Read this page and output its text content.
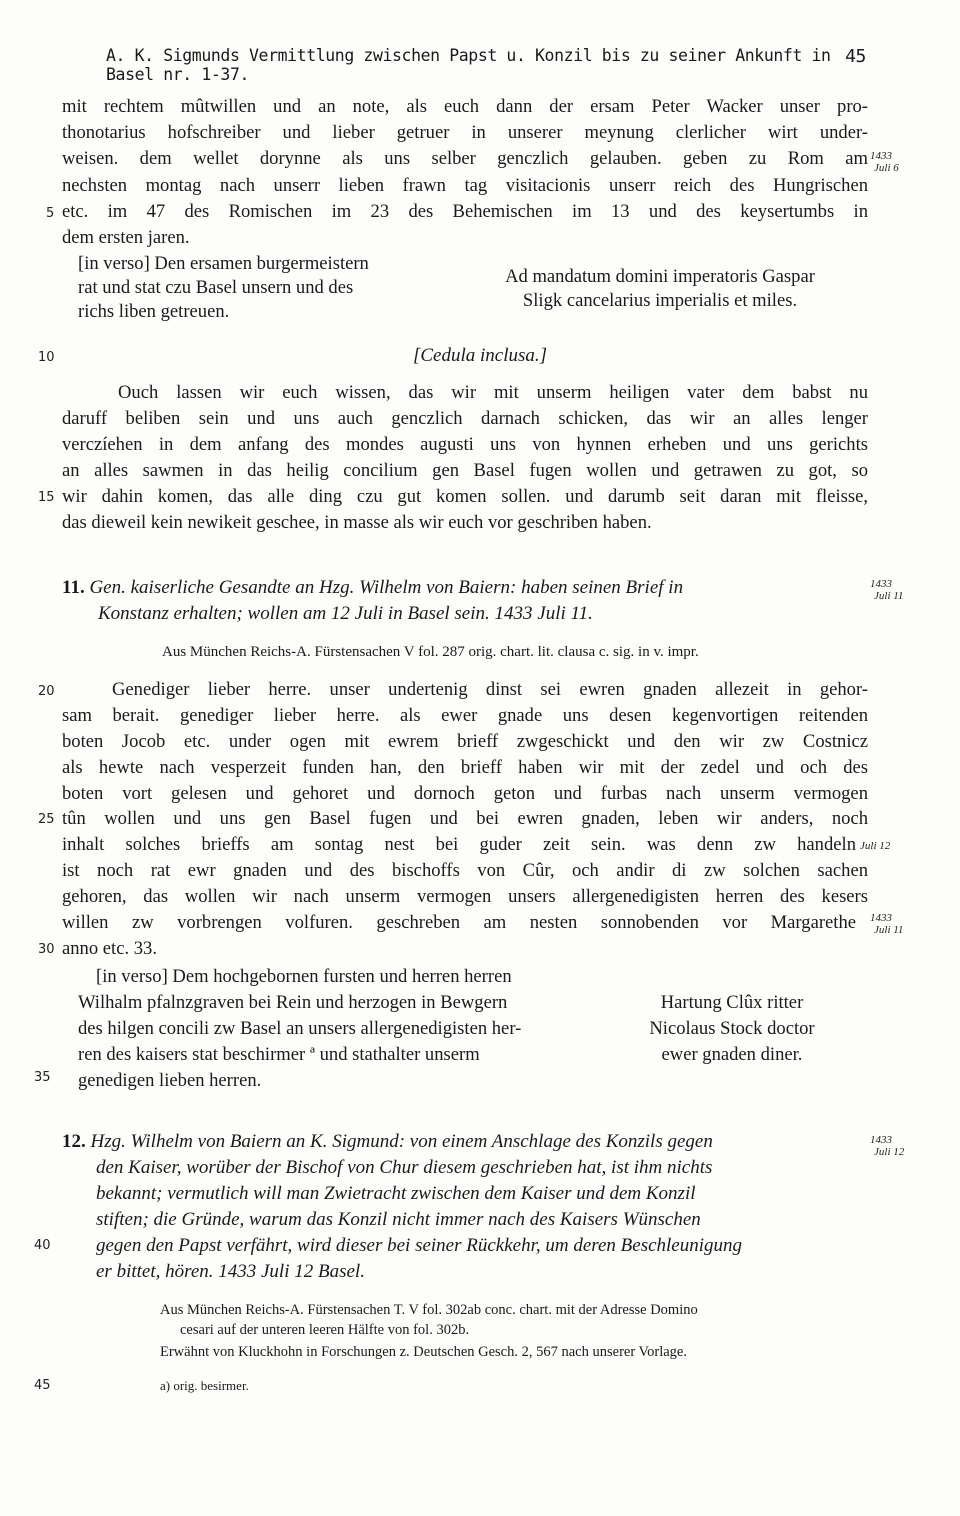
A. K. Sigmunds Vermittlung zwischen Papst u. Konzil bis zu seiner Ankunft in Basel nr. 1-37.
45
mit rechtem mûtwillen und an note, als euch dann der ersam Peter Wacker unser pro-
thonotarius hofschreiber und lieber getruer in unserer meynung clerlicher wirt under-
weisen. dem wellet dorynne als uns selber genczlich gelauben. geben zu Rom am
nechsten montag nach unserr lieben frawn tag visitacionis unserr reich des Hungrischen
etc. im 47 des Romischen im 23 des Behemischen im 13 und des keysertumbs in
dem ersten jaren.
1433
Juli 6
[in verso] Den ersamen burgermeistern
rat und stat czu Basel unsern und des
richs liben getreuen.
Ad mandatum domini imperatoris Gaspar
Sligk cancelarius imperialis et miles.
[Cedula inclusa.]
Ouch lassen wir euch wissen, das wir mit unserm heiligen vater dem babst nu
daruff beliben sein und uns auch genczlich darnach schicken, das wir an alles lenger
verczíehen in dem anfang des mondes augusti uns von hynnen erheben und uns gerichts
an alles sawmen in das heilig concilium gen Basel fugen wollen und getrawen zu got, so
wir dahin komen, das alle ding czu gut komen sollen. und darumb seit daran mit fleisse,
das dieweil kein newikeit geschee, in masse als wir euch vor geschriben haben.
11. Gen. kaiserliche Gesandte an Hzg. Wilhelm von Baiern: haben seinen Brief in
Konstanz erhalten; wollen am 12 Juli in Basel sein. 1433 Juli 11.
1433
Juli 11
Aus München Reichs-A. Fürstensachen V fol. 287 orig. chart. lit. clausa c. sig. in v. impr.
Genediger lieber herre. unser undertenig dinst sei ewren gnaden allezeit in gehor-
sam berait. genediger lieber herre. als ewer gnade uns desen kegenvortigen reitenden
boten Jocob etc. under ogen mit ewrem brieff zwgeschickt und den wir zw Costnicz
als hewte nach vesperzeit funden han, den brieff haben wir mit der zedel und och des
boten vort gelesen und gehoret und dornoch geton und furbas nach unserm vermogen
tûn wollen und uns gen Basel fugen und bei ewren gnaden, leben wir anders, noch
inhalt solches brieffs am sontag nest bei guder zeit sein. was denn zw handeln
ist noch rat ewr gnaden und des bischoffs von Cûr, och andir di zw solchen sachen
gehoren, das wollen wir nach unserm vermogen unsers allergenedigisten herren des kesers
willen zw vorbrengen volfuren. geschreben am nesten sonnobenden vor Margarethe
anno etc. 33.
Juli 12
1433
Juli 11
[in verso] Dem hochgebornen fursten und herren herren
Wilhalm pfalnzgraven bei Rein und herzogen in Bewgern
des hilgen concili zw Basel an unsers allergenedigisten her-
ren des kaisers stat beschirmer ª und stathalter unserm
genedigen lieben herren.
Hartung Clûx ritter
Nicolaus Stock doctor
ewer gnaden diner.
12. Hzg. Wilhelm von Baiern an K. Sigmund: von einem Anschlage des Konzils gegen
den Kaiser, worüber der Bischof von Chur diesem geschrieben hat, ist ihm nichts
bekannt; vermutlich will man Zwietracht zwischen dem Kaiser und dem Konzil
stiften; die Gründe, warum das Konzil nicht immer nach des Kaisers Wünschen
gegen den Papst verfährt, wird dieser bei seiner Rückkehr, um deren Beschleunigung
er bittet, hören. 1433 Juli 12 Basel.
1433
Juli 12
Aus München Reichs-A. Fürstensachen T. V fol. 302ab conc. chart. mit der Adresse Domino
cesari auf der unteren leeren Hälfte von fol. 302b.
Erwähnt von Kluckhohn in Forschungen z. Deutschen Gesch. 2, 567 nach unserer Vorlage.
a) orig. besirmer.
5
10
15
20
25
30
35
40
45
